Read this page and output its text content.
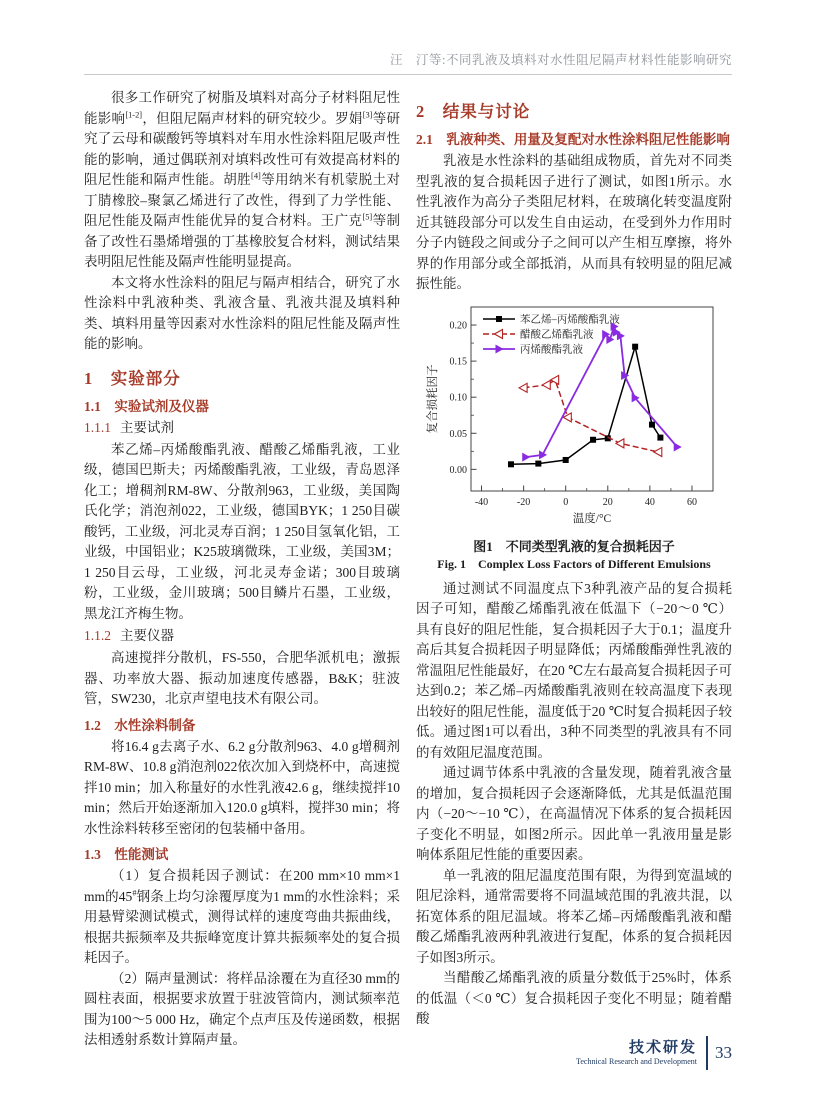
汪　汀等:不同乳液及填料对水性阻尼隔声材料性能影响研究

很多工作研究了树脂及填料对高分子材料阻尼性能影响[1-2]，但阻尼隔声材料的研究较少。罗娟[3]等研究了云母和碳酸钙等填料对车用水性涂料阻尼吸声性能的影响，通过偶联剂对填料改性可有效提高材料的阻尼性能和隔声性能。胡胜[4]等用纳米有机蒙脱土对丁腈橡胶–聚氯乙烯进行了改性，得到了力学性能、阻尼性能及隔声性能优异的复合材料。王广克[5]等制备了改性石墨烯增强的丁基橡胶复合材料，测试结果表明阻尼性能及隔声性能明显提高。

本文将水性涂料的阻尼与隔声相结合，研究了水性涂料中乳液种类、乳液含量、乳液共混及填料种类、填料用量等因素对水性涂料的阻尼性能及隔声性能的影响。

1　实验部分
1.1　实验试剂及仪器
1.1.1 主要试剂

苯乙烯–丙烯酸酯乳液、醋酸乙烯酯乳液，工业级，德国巴斯夫；丙烯酸酯乳液，工业级，青岛恩泽化工；增稠剂RM-8W、分散剂963，工业级，美国陶氏化学；消泡剂022，工业级，德国BYK；1 250目碳酸钙，工业级，河北灵寿百润；1 250目氢氧化铝，工业级，中国铝业；K25玻璃微珠，工业级，美国3M；1 250目云母，工业级，河北灵寿金诺；300目玻璃粉，工业级，金川玻璃；500目鳞片石墨，工业级，黑龙江齐梅生物。

1.1.2 主要仪器

高速搅拌分散机，FS-550，合肥华派机电；激振器、功率放大器、振动加速度传感器，B&K；驻波管，SW230，北京声望电技术有限公司。

1.2　水性涂料制备

将16.4 g去离子水、6.2 g分散剂963、4.0 g增稠剂RM-8W、10.8 g消泡剂022依次加入到烧杯中，高速搅拌10 min；加入称量好的水性乳液42.6 g，继续搅拌10 min；然后开始逐渐加入120.0 g填料，搅拌30 min；将水性涂料转移至密闭的包装桶中备用。

1.3　性能测试

（1）复合损耗因子测试：在200 mm×10 mm×1 mm的45#钢条上均匀涂覆厚度为1 mm的水性涂料；采用悬臂梁测试模式，测得试样的速度弯曲共振曲线，根据共振频率及共振峰宽度计算共振频率处的复合损耗因子。

（2）隔声量测试：将样品涂覆在为直径30 mm的圆柱表面，根据要求放置于驻波管筒内，测试频率范围为100～5 000 Hz，确定个点声压及传递函数，根据法相透射系数计算隔声量。

2　结果与讨论
2.1　乳液种类、用量及复配对水性涂料阻尼性能影响

乳液是水性涂料的基础组成物质，首先对不同类型乳液的复合损耗因子进行了测试，如图1所示。水性乳液作为高分子类阻尼材料，在玻璃化转变温度附近其链段部分可以发生自由运动，在受到外力作用时分子内链段之间或分子之间可以产生相互摩擦，将外界的作用部分或全部抵消，从而具有较明显的阻尼减振性能。

-40	-20	0	20	40	60
0.00
0.05
0.10
0.15
0.20
温度/°C
复合损耗因子
苯乙烯–丙烯酸酯乳液
醋酸乙烯酯乳液
丙烯酸酯乳液
图1　不同类型乳液的复合损耗因子
Fig. 1　Complex Loss Factors of Different Emulsions

通过测试不同温度点下3种乳液产品的复合损耗因子可知，醋酸乙烯酯乳液在低温下（−20～0 ℃）具有良好的阻尼性能，复合损耗因子大于0.1；温度升高后其复合损耗因子明显降低；丙烯酸酯弹性乳液的常温阻尼性能最好，在20 ℃左右最高复合损耗因子可达到0.2；苯乙烯–丙烯酸酯乳液则在较高温度下表现出较好的阻尼性能，温度低于20 ℃时复合损耗因子较低。通过图1可以看出，3种不同类型的乳液具有不同的有效阻尼温度范围。

通过调节体系中乳液的含量发现，随着乳液含量的增加，复合损耗因子会逐渐降低，尤其是低温范围内（−20～−10 ℃），在高温情况下体系的复合损耗因子变化不明显，如图2所示。因此单一乳液用量是影响体系阻尼性能的重要因素。

单一乳液的阻尼温度范围有限，为得到宽温域的阻尼涂料，通常需要将不同温域范围的乳液共混，以拓宽体系的阻尼温域。将苯乙烯–丙烯酸酯乳液和醋酸乙烯酯乳液两种乳液进行复配，体系的复合损耗因子如图3所示。

当醋酸乙烯酯乳液的质量分数低于25%时，体系的低温（＜0 ℃）复合损耗因子变化不明显；随着醋酸

技术研发
Technical Research and Development 33
